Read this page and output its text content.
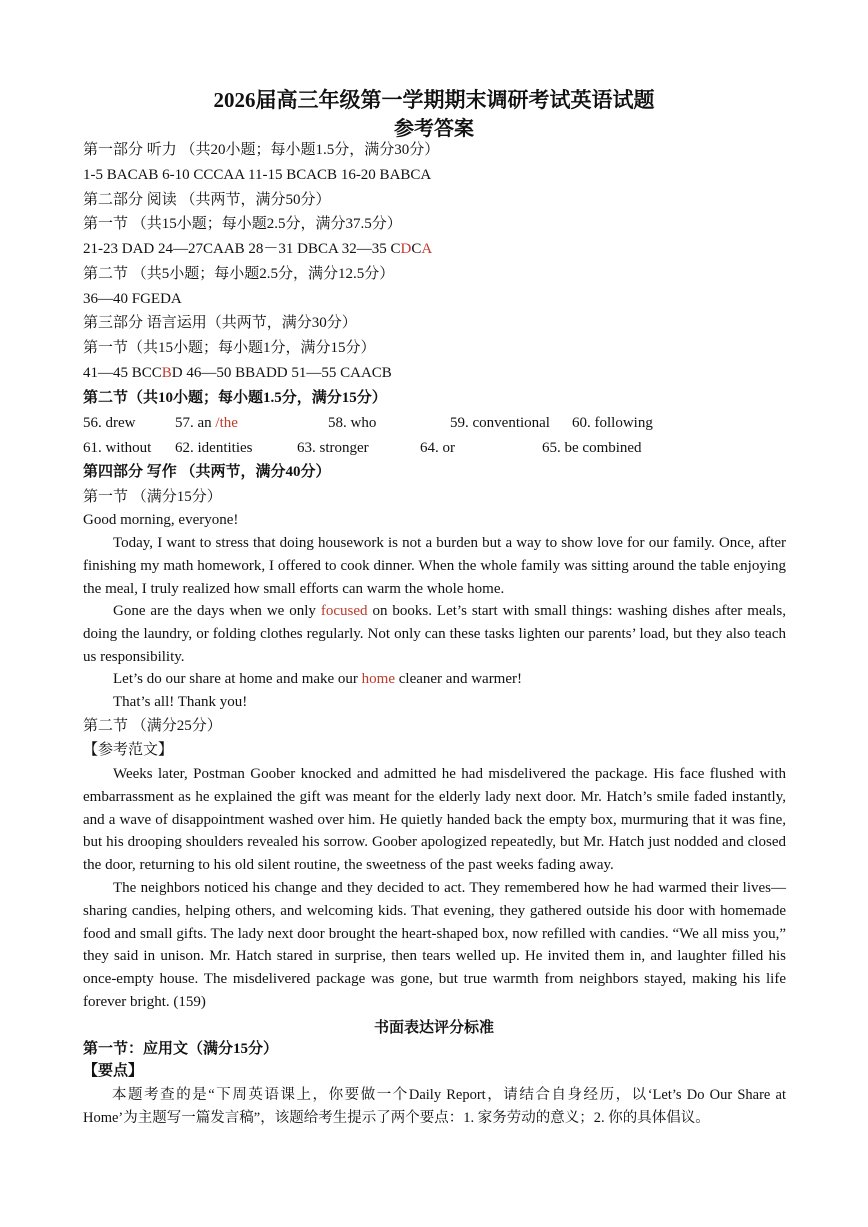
2026届高三年级第一学期期末调研考试英语试题
参考答案
第一部分 听力 （共20小题；每小题1.5分，满分30分）
1-5 BACAB 6-10 CCCAA 11-15 BCACB 16-20 BABCA
第二部分 阅读 （共两节，满分50分）
第一节 （共15小题；每小题2.5分，满分37.5分）
21-23 DAD 24—27CAAB 28－31 DBCA 32—35 CDCA
第二节 （共5小题；每小题2.5分，满分12.5分）
36—40 FGEDA
第三部分 语言运用（共两节，满分30分）
第一节（共15小题；每小题1分，满分15分）
41—45 BCCBD 46—50 BBADD 51—55 CAACB
第二节（共10小题；每小题1.5分，满分15分）
56. drew	57. an /the	58. who	59. conventional 60. following
61. without 62. identities	63. stronger	64. or	65. be combined
第四部分 写作 （共两节，满分40分）
第一节 （满分15分）
Good morning, everyone!

Today, I want to stress that doing housework is not a burden but a way to show love for our family. Once, after finishing my math homework, I offered to cook dinner. When the whole family was sitting around the table enjoying the meal, I truly realized how small efforts can warm the whole home.

Gone are the days when we only focused on books. Let’s start with small things: washing dishes after meals, doing the laundry, or folding clothes regularly. Not only can these tasks lighten our parents’ load, but they also teach us responsibility.

Let’s do our share at home and make our home cleaner and warmer!

That’s all! Thank you!

第二节 （满分25分）
【参考范文】

Weeks later, Postman Goober knocked and admitted he had misdelivered the package. His face flushed with embarrassment as he explained the gift was meant for the elderly lady next door. Mr. Hatch’s smile faded instantly, and a wave of disappointment washed over him. He quietly handed back the empty box, murmuring that it was fine, but his drooping shoulders revealed his sorrow. Goober apologized repeatedly, but Mr. Hatch just nodded and closed the door, returning to his old silent routine, the sweetness of the past weeks fading away.

The neighbors noticed his change and they decided to act. They remembered how he had warmed their lives—sharing candies, helping others, and welcoming kids. That evening, they gathered outside his door with homemade food and small gifts. The lady next door brought the heart-shaped box, now refilled with candies. “We all miss you,” they said in unison. Mr. Hatch stared in surprise, then tears welled up. He invited them in, and laughter filled his once-empty house. The misdelivered package was gone, but true warmth from neighbors stayed, making his life forever bright. (159)

书面表达评分标准
第一节：应用文（满分15分）
【要点】

本题考查的是“下周英语课上，你要做一个Daily Report，请结合自身经历，以‘Let’s Do Our Share at Home’为主题写一篇发言稿”，该题给考生提示了两个要点：1. 家务劳动的意义；2. 你的具体倡议。
